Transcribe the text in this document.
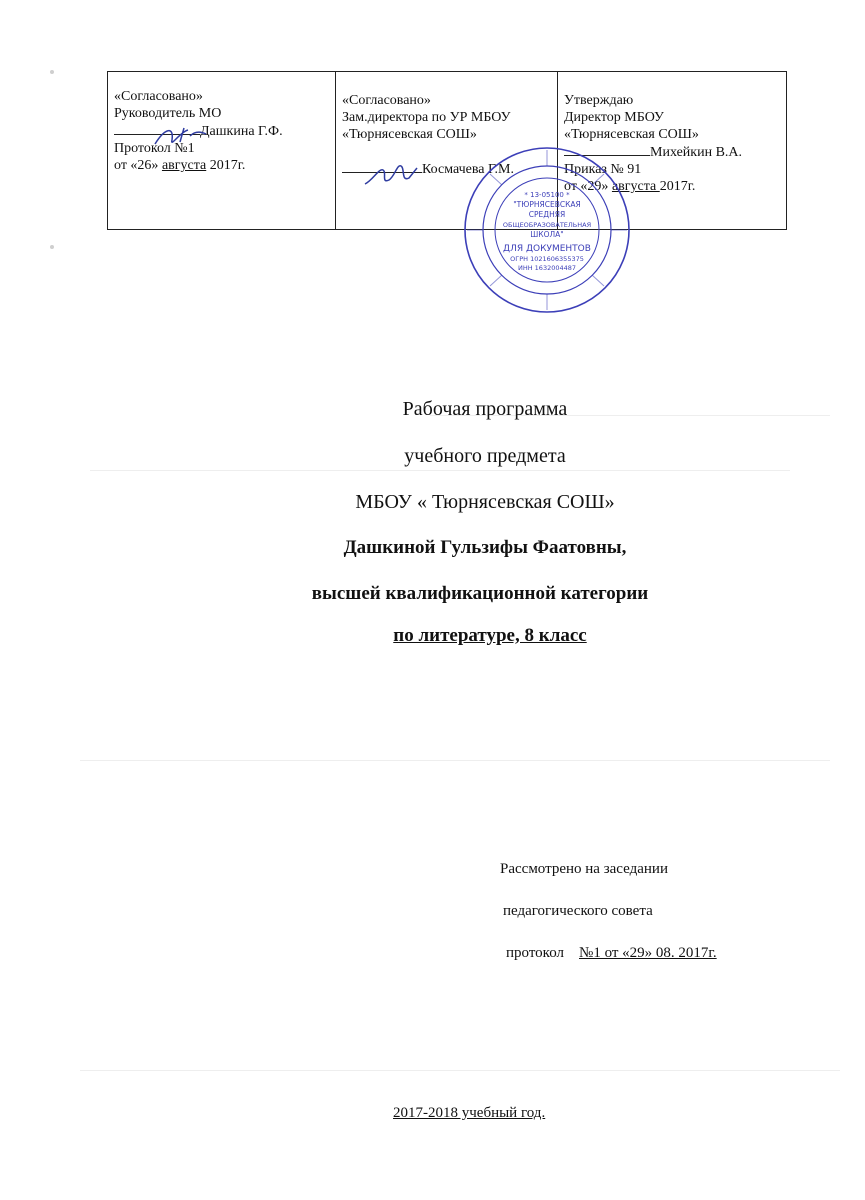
«Согласовано»
Руководитель МО
Дашкина Г.Ф.
Протокол №1
от «26» августа 2017г.
«Согласовано»
Зам.директора по УР МБОУ
«Тюрнясевская СОШ»
Космачева Г.М.
Утверждаю
Директор МБОУ
«Тюрнясевская СОШ»
Михейкин В.А.
Приказ № 91
от «29» августа 2017г.
* 13-05100 *
"ТЮРНЯСЕВСКАЯ
СРЕДНЯЯ
ОБЩЕОБРАЗОВАТЕЛЬНАЯ
ШКОЛА"
ДЛЯ ДОКУМЕНТОВ
ОГРН 1021606355375
ИНН 1632004487
Рабочая программа
учебного предмета
МБОУ « Тюрнясевская СОШ»
Дашкиной Гульзифы Фаатовны,
высшей квалификационной категории
по литературе, 8 класс
Рассмотрено на заседании
педагогического совета
протокол    №1 от «29» 08. 2017г.
2017-2018 учебный год.
